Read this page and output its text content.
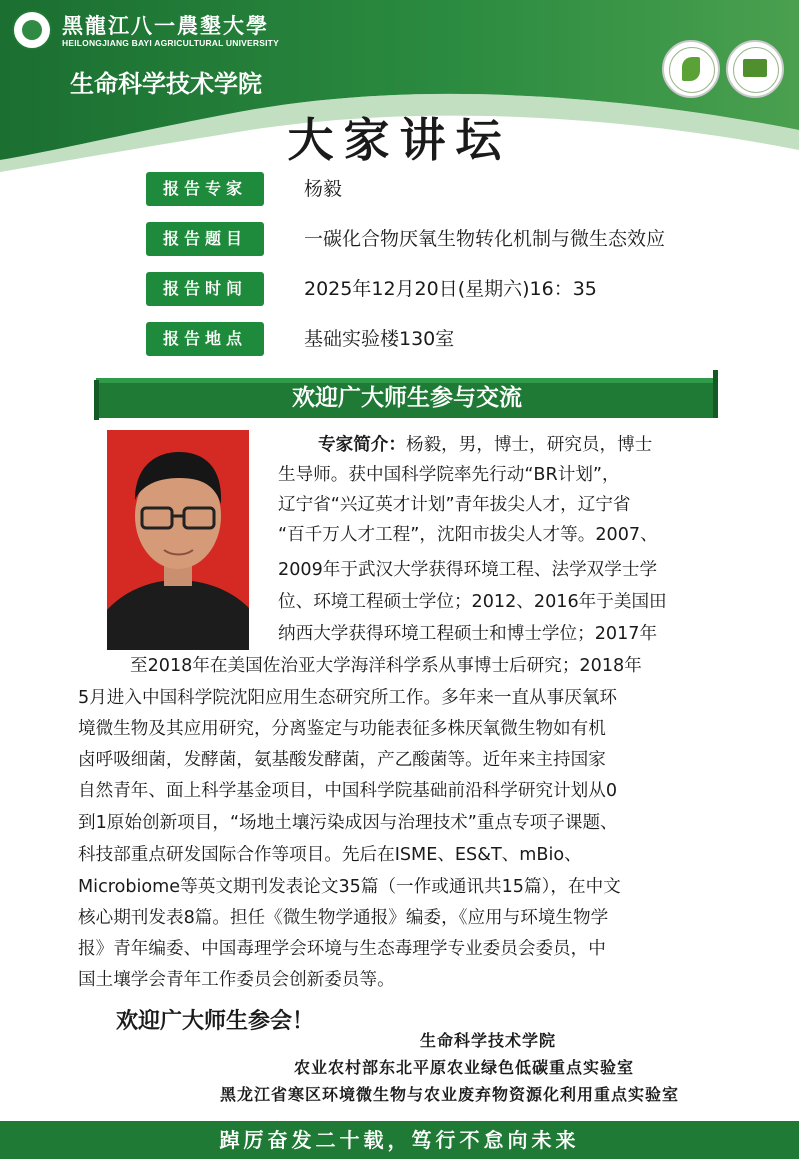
黑龍江八一農墾大學
HEILONGJIANG BAYI AGRICULTURAL UNIVERSITY
生命科学技术学院
大家讲坛
报告专家	杨毅
报告题目	一碳化合物厌氧生物转化机制与微生态效应
报告时间	2025年12月20日(星期六)16：35
报告地点	基础实验楼130室
欢迎广大师生参与交流
专家简介：杨毅，男，博士，研究员，博士
生导师。获中国科学院率先行动“BR计划”，
辽宁省“兴辽英才计划”青年拔尖人才，辽宁省
“百千万人才工程”，沈阳市拔尖人才等。2007、
2009年于武汉大学获得环境工程、法学双学士学
位、环境工程硕士学位；2012、2016年于美国田
纳西大学获得环境工程硕士和博士学位；2017年
至2018年在美国佐治亚大学海洋科学系从事博士后研究；2018年
5月进入中国科学院沈阳应用生态研究所工作。多年来一直从事厌氧环
境微生物及其应用研究，分离鉴定与功能表征多株厌氧微生物如有机
卤呼吸细菌，发酵菌，氨基酸发酵菌，产乙酸菌等。近年来主持国家
自然青年、面上科学基金项目，中国科学院基础前沿科学研究计划从0
到1原始创新项目，“场地土壤污染成因与治理技术”重点专项子课题、
科技部重点研发国际合作等项目。先后在ISME、ES&T、mBio、
Microbiome等英文期刊发表论文35篇（一作或通讯共15篇），在中文
核心期刊发表8篇。担任《微生物学通报》编委，《应用与环境生物学
报》青年编委、中国毒理学会环境与生态毒理学专业委员会委员，中
国土壤学会青年工作委员会创新委员等。
欢迎广大师生参会！
生命科学技术学院
农业农村部东北平原农业绿色低碳重点实验室
黑龙江省寒区环境微生物与农业废弃物资源化利用重点实验室
踔厉奋发二十载，笃行不怠向未来
